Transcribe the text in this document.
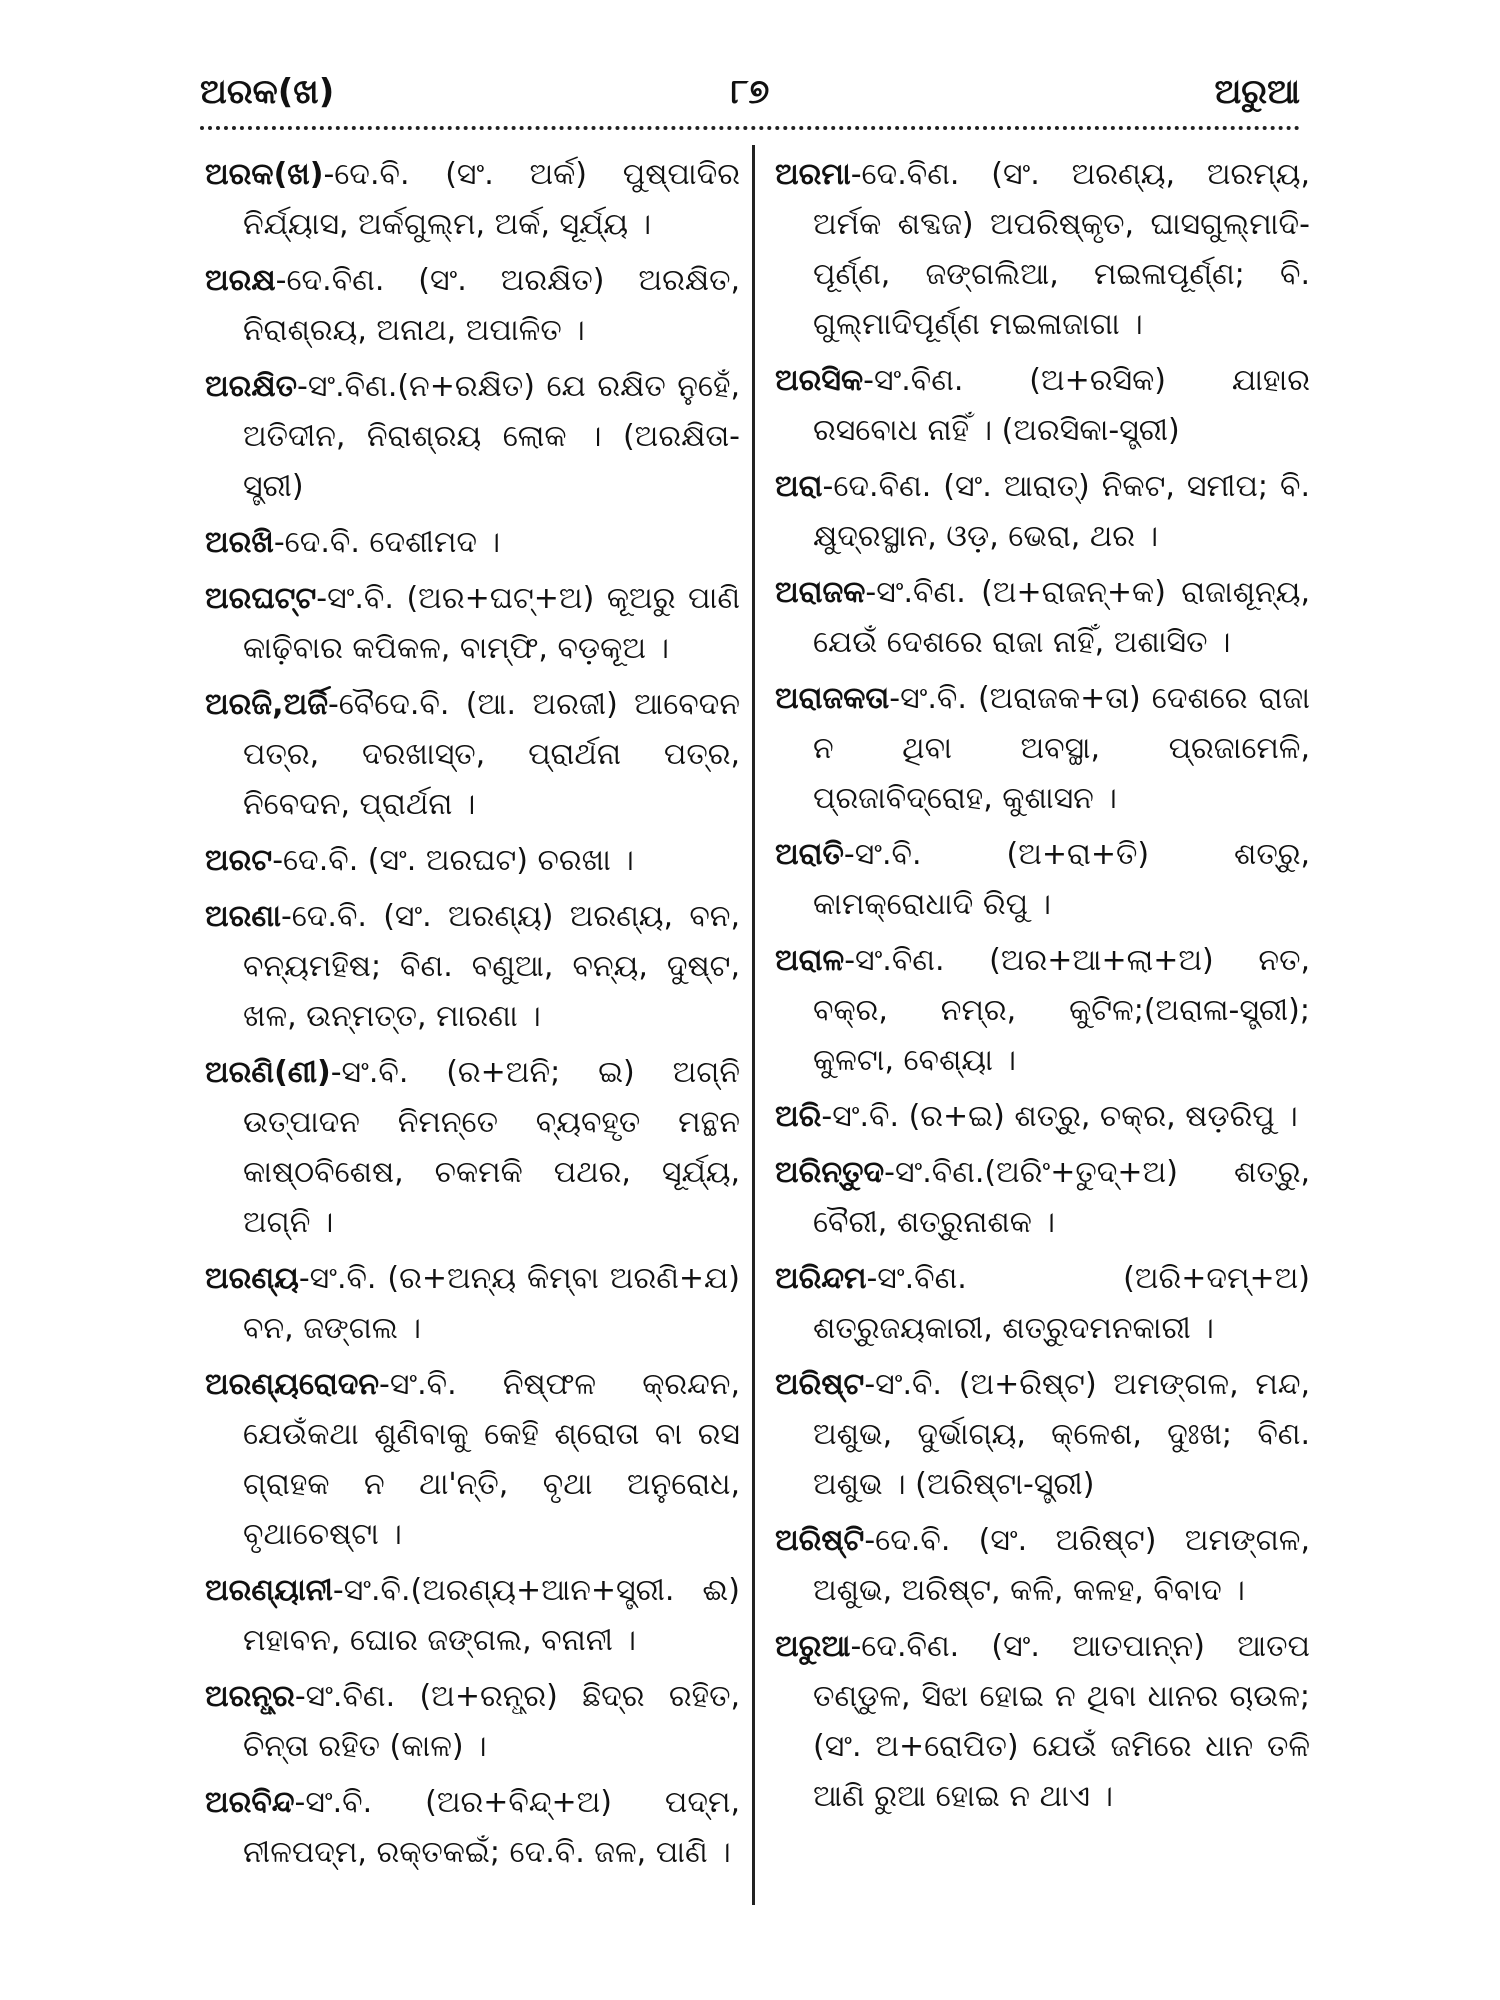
ଅରକ(ଖ)	୮୭	ଅରୁଆ

ଅରକ(ଖ)-ଦେ.ବି. (ସଂ. ଅର୍କ) ପୁଷ୍ପାଦିର ନିର୍ଯ୍ୟାସ, ଅର୍କଗୁଲ୍ମ, ଅର୍କ, ସୂର୍ଯ୍ୟ ।

ଅରକ୍ଷ-ଦେ.ବିଣ. (ସଂ. ଅରକ୍ଷିତ) ଅରକ୍ଷିତ, ନିରାଶ୍ରୟ, ଅନାଥ, ଅପାଳିତ ।

ଅରକ୍ଷିତ-ସଂ.ବିଣ.(ନ+ରକ୍ଷିତ) ଯେ ରକ୍ଷିତ ନୁହେଁ, ଅତିଦୀନ, ନିରାଶ୍ରୟ ଲୋକ । (ଅରକ୍ଷିତା-ସ୍ତ୍ରୀ)

ଅରଖି-ଦେ.ବି. ଦେଶୀମଦ ।

ଅରଘଟ୍ଟ-ସଂ.ବି. (ଅର+ଘଟ୍+ଅ) କୂଅରୁ ପାଣି କାଢ଼ିବାର କପିକଳ, ବାମ୍ଫି, ବଡ଼କୂଅ ।

ଅରଜି,ଅର୍ଜି-ବୈଦେ.ବି. (ଆ. ଅରଜୀ) ଆବେଦନ ପତ୍ର, ଦରଖାସ୍ତ, ପ୍ରାର୍ଥନା ପତ୍ର, ନିବେଦନ, ପ୍ରାର୍ଥନା ।

ଅରଟ-ଦେ.ବି. (ସଂ. ଅରଘଟ) ଚରଖା ।

ଅରଣା-ଦେ.ବି. (ସଂ. ଅରଣ୍ୟ) ଅରଣ୍ୟ, ବନ, ବନ୍ୟମହିଷ; ବିଣ. ବଣୁଆ, ବନ୍ୟ, ଦୁଷ୍ଟ, ଖଳ, ଉନ୍ମତ୍ତ, ମାରଣା ।

ଅରଣି(ଣୀ)-ସଂ.ବି. (ର+ଅନି; ଇ) ଅଗ୍ନି ଉତ୍ପାଦନ ନିମନ୍ତେ ବ୍ୟବହୃତ ମନ୍ଥନ କାଷ୍ଠବିଶେଷ, ଚକମକି ପଥର, ସୂର୍ଯ୍ୟ, ଅଗ୍ନି ।

ଅରଣ୍ୟ-ସଂ.ବି. (ର+ଅନ୍ୟ କିମ୍ବା ଅରଣି+ଯ) ବନ, ଜଙ୍ଗଲ ।

ଅରଣ୍ୟରୋଦନ-ସଂ.ବି. ନିଷ୍ଫଳ କ୍ରନ୍ଦନ, ଯେଉଁକଥା ଶୁଣିବାକୁ କେହି ଶ୍ରୋତା ବା ରସ ଗ୍ରାହକ ନ ଥା'ନ୍ତି, ବୃଥା ଅନୁରୋଧ, ବୃଥାଚେଷ୍ଟା ।

ଅରଣ୍ୟାନୀ-ସଂ.ବି.(ଅରଣ୍ୟ+ଆନ+ସ୍ତ୍ରୀ. ଈ) ମହାବନ, ଘୋର ଜଙ୍ଗଲ, ବନାନୀ ।

ଅରନ୍ଧ୍ର-ସଂ.ବିଣ. (ଅ+ରନ୍ଧ୍ର) ଛିଦ୍ର ରହିତ, ଚିନ୍ତା ରହିତ (କାଳ) ।

ଅରବିନ୍ଦ-ସଂ.ବି. (ଅର+ବିନ୍ଦ୍+ଅ) ପଦ୍ମ, ନୀଳପଦ୍ମ, ରକ୍ତକଇଁ; ଦେ.ବି. ଜଳ, ପାଣି ।

ଅରମା-ଦେ.ବିଣ. (ସଂ. ଅରଣ୍ୟ, ଅରମ୍ୟ, ଅର୍ମକ ଶବ୍ଦଜ) ଅପରିଷ୍କୃତ, ଘାସଗୁଲ୍ମାଦି-ପୂର୍ଣ୍ଣ, ଜଙ୍ଗଲିଆ, ମଇଳାପୂର୍ଣ୍ଣ; ବି. ଗୁଲ୍ମାଦିପୂର୍ଣ୍ଣ ମଇଳାଜାଗା ।

ଅରସିକ-ସଂ.ବିଣ. (ଅ+ରସିକ) ଯାହାର ରସବୋଧ ନାହିଁ । (ଅରସିକା-ସ୍ତ୍ରୀ)

ଅରା-ଦେ.ବିଣ. (ସଂ. ଆରାତ୍) ନିକଟ, ସମୀପ; ବି. କ୍ଷୁଦ୍ରସ୍ଥାନ, ଓଡ଼, ଭେରା, ଥର ।

ଅରାଜକ-ସଂ.ବିଣ. (ଅ+ରାଜନ୍+କ) ରାଜାଶୂନ୍ୟ, ଯେଉଁ ଦେଶରେ ରାଜା ନାହିଁ, ଅଶାସିତ ।

ଅରାଜକତା-ସଂ.ବି. (ଅରାଜକ+ତା) ଦେଶରେ ରାଜା ନ ଥିବା ଅବସ୍ଥା, ପ୍ରଜାମେଳି, ପ୍ରଜାବିଦ୍ରୋହ, କୁଶାସନ ।

ଅରାତି-ସଂ.ବି. (ଅ+ରା+ତି) ଶତ୍ରୁ, କାମକ୍ରୋଧାଦି ରିପୁ ।

ଅରାଳ-ସଂ.ବିଣ. (ଅର+ଆ+ଲା+ଅ) ନତ, ବକ୍ର, ନମ୍ର, କୁଟିଳ;(ଅରାଳା-ସ୍ତ୍ରୀ); କୁଳଟା, ବେଶ୍ୟା ।

ଅରି-ସଂ.ବି. (ର+ଇ) ଶତ୍ରୁ, ଚକ୍ର, ଷଡ଼ରିପୁ ।

ଅରିନ୍ତୁଦ-ସଂ.ବିଣ.(ଅରିଂ+ତୁଦ୍+ଅ) ଶତ୍ରୁ, ବୈରୀ, ଶତ୍ରୁନାଶକ ।

ଅରିନ୍ଦମ-ସଂ.ବିଣ. (ଅରି+ଦମ୍+ଅ) ଶତ୍ରୁଜୟକାରୀ, ଶତ୍ରୁଦମନକାରୀ ।

ଅରିଷ୍ଟ-ସଂ.ବି. (ଅ+ରିଷ୍ଟ) ଅମଙ୍ଗଳ, ମନ୍ଦ, ଅଶୁଭ, ଦୁର୍ଭାଗ୍ୟ, କ୍ଳେଶ, ଦୁଃଖ; ବିଣ. ଅଶୁଭ । (ଅରିଷ୍ଟା-ସ୍ତ୍ରୀ)

ଅରିଷ୍ଟି-ଦେ.ବି. (ସଂ. ଅରିଷ୍ଟ) ଅମଙ୍ଗଳ, ଅଶୁଭ, ଅରିଷ୍ଟ, କଳି, କଳହ, ବିବାଦ ।

ଅରୁଆ-ଦେ.ବିଣ. (ସଂ. ଆତପାନ୍ନ) ଆତପ ତଣ୍ଡୁଳ, ସିଝା ହୋଇ ନ ଥିବା ଧାନର ଚାଉଳ;(ସଂ. ଅ+ରୋପିତ) ଯେଉଁ ଜମିରେ ଧାନ ତଳି ଆଣି ରୁଆ ହୋଇ ନ ଥାଏ ।
